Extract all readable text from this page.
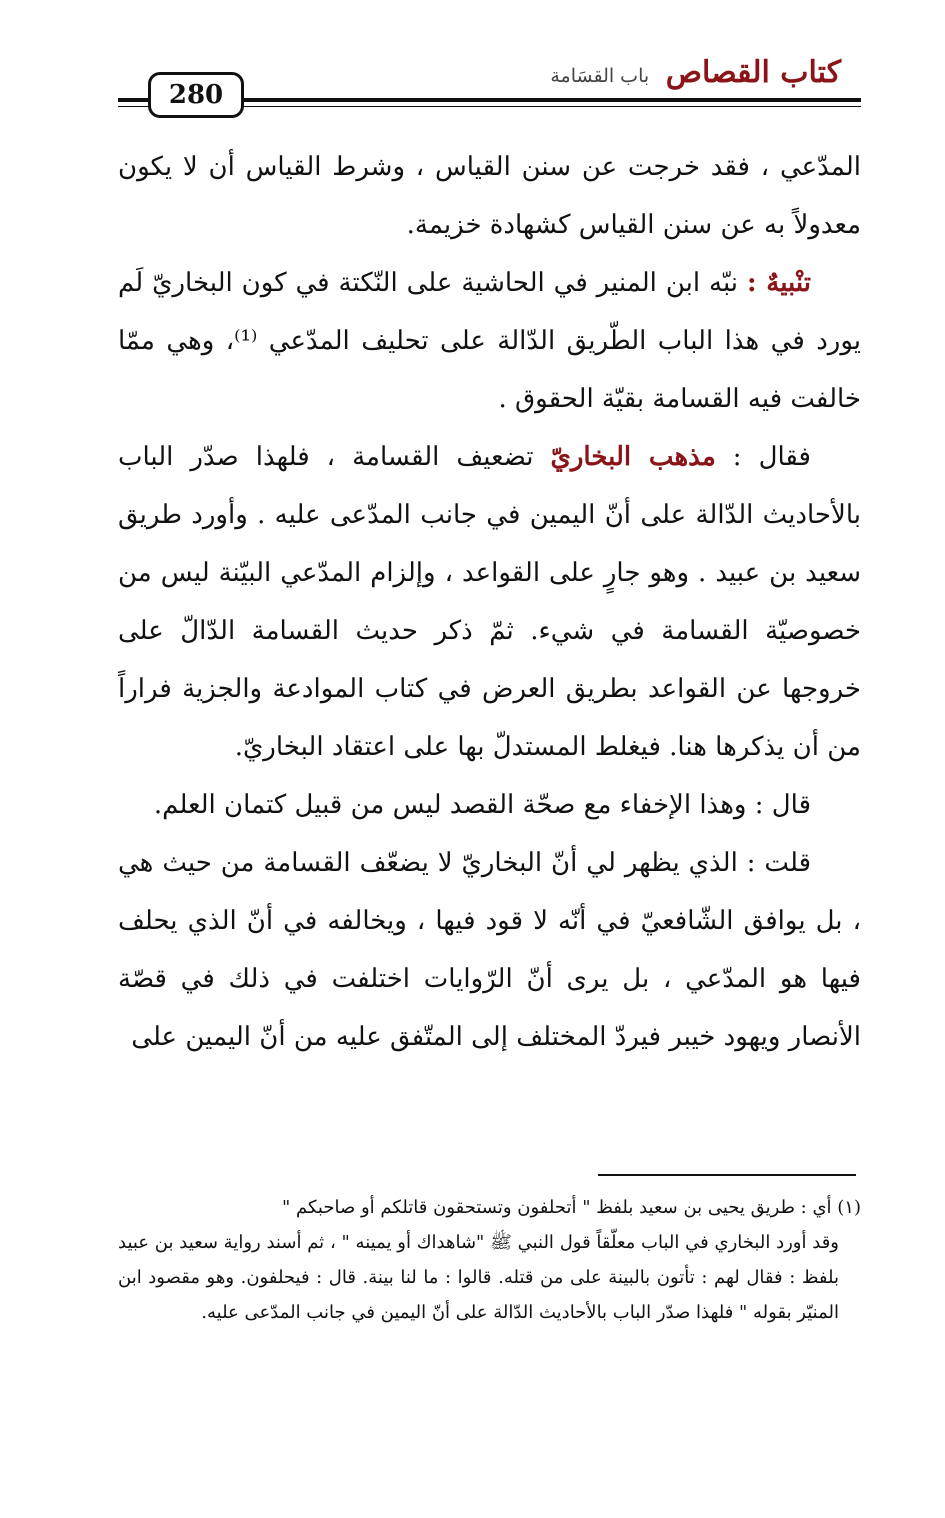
كتاب القصاص باب القسَامة
280

المدّعي ، فقد خرجت عن سنن القياس ، وشرط القياس أن لا يكون معدولاً به عن سنن القياس كشهادة خزيمة.

تنْبيهٌ : نبّه ابن المنير في الحاشية على النّكتة في كون البخاريّ لَم يورد في هذا الباب الطّريق الدّالة على تحليف المدّعي ⁽¹⁾، وهي ممّا خالفت فيه القسامة بقيّة الحقوق .

فقال : مذهب البخاريّ تضعيف القسامة ، فلهذا صدّر الباب بالأحاديث الدّالة على أنّ اليمين في جانب المدّعى عليه . وأورد طريق سعيد بن عبيد . وهو جارٍ على القواعد ، وإلزام المدّعي البيّنة ليس من خصوصيّة القسامة في شيء. ثمّ ذكر حديث القسامة الدّالّ على خروجها عن القواعد بطريق العرض في كتاب الموادعة والجزية فراراً من أن يذكرها هنا. فيغلط المستدلّ بها على اعتقاد البخاريّ.

قال : وهذا الإخفاء مع صحّة القصد ليس من قبيل كتمان العلم.

قلت : الذي يظهر لي أنّ البخاريّ لا يضعّف القسامة من حيث هي ، بل يوافق الشّافعيّ في أنّه لا قود فيها ، ويخالفه في أنّ الذي يحلف فيها هو المدّعي ، بل يرى أنّ الرّوايات اختلفت في ذلك في قصّة الأنصار ويهود خيبر فيردّ المختلف إلى المتّفق عليه من أنّ اليمين على

(١) أي : طريق يحيى بن سعيد بلفظ " أتحلفون وتستحقون قاتلكم أو صاحبكم "

وقد أورد البخاري في الباب معلّقاً قول النبي ﷺ "شاهداك أو يمينه " ، ثم أسند رواية سعيد بن عبيد بلفظ : فقال لهم : تأتون بالبينة على من قتله. قالوا : ما لنا بينة. قال : فيحلفون. وهو مقصود ابن المنيّر بقوله " فلهذا صدّر الباب بالأحاديث الدّالة على أنّ اليمين في جانب المدّعى عليه.
